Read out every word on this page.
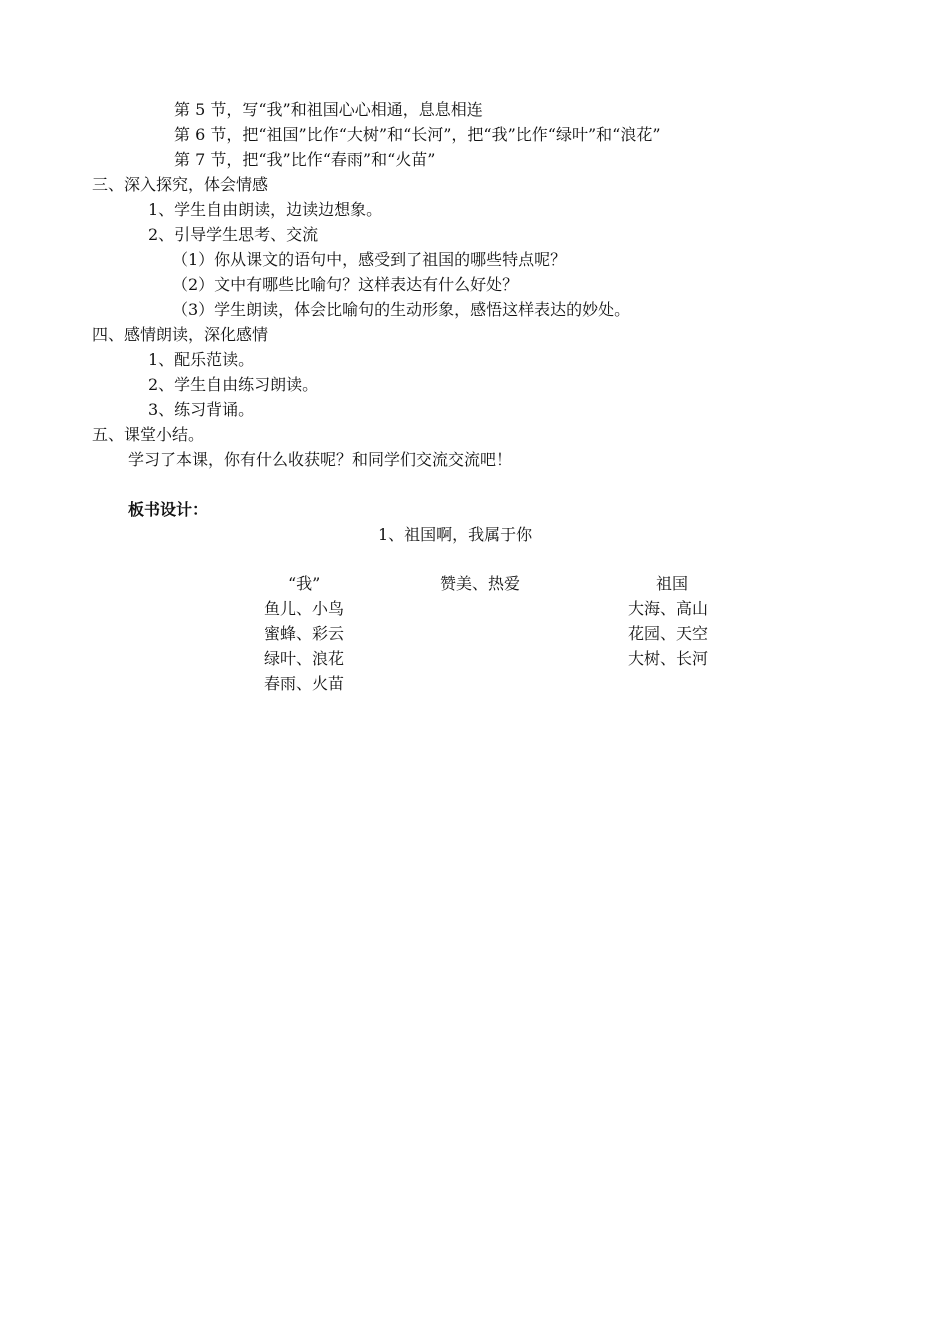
第 5 节，写“我”和祖国心心相通，息息相连
第 6 节，把“祖国”比作“大树”和“长河”，把“我”比作“绿叶”和“浪花”
第 7 节，把“我”比作“春雨”和“火苗”
三、深入探究，体会情感
1、学生自由朗读，边读边想象。
2、引导学生思考、交流
（1）你从课文的语句中，感受到了祖国的哪些特点呢？
（2）文中有哪些比喻句？这样表达有什么好处？
（3）学生朗读，体会比喻句的生动形象，感悟这样表达的妙处。
四、感情朗读，深化感情
1、配乐范读。
2、学生自由练习朗读。
3、练习背诵。
五、课堂小结。
学习了本课，你有什么收获呢？和同学们交流交流吧！
板书设计：
1、祖国啊，我属于你
“我”	赞美、热爱	祖国
鱼儿、小鸟
蜜蜂、彩云
绿叶、浪花
春雨、火苗
大海、高山
花园、天空
大树、长河
